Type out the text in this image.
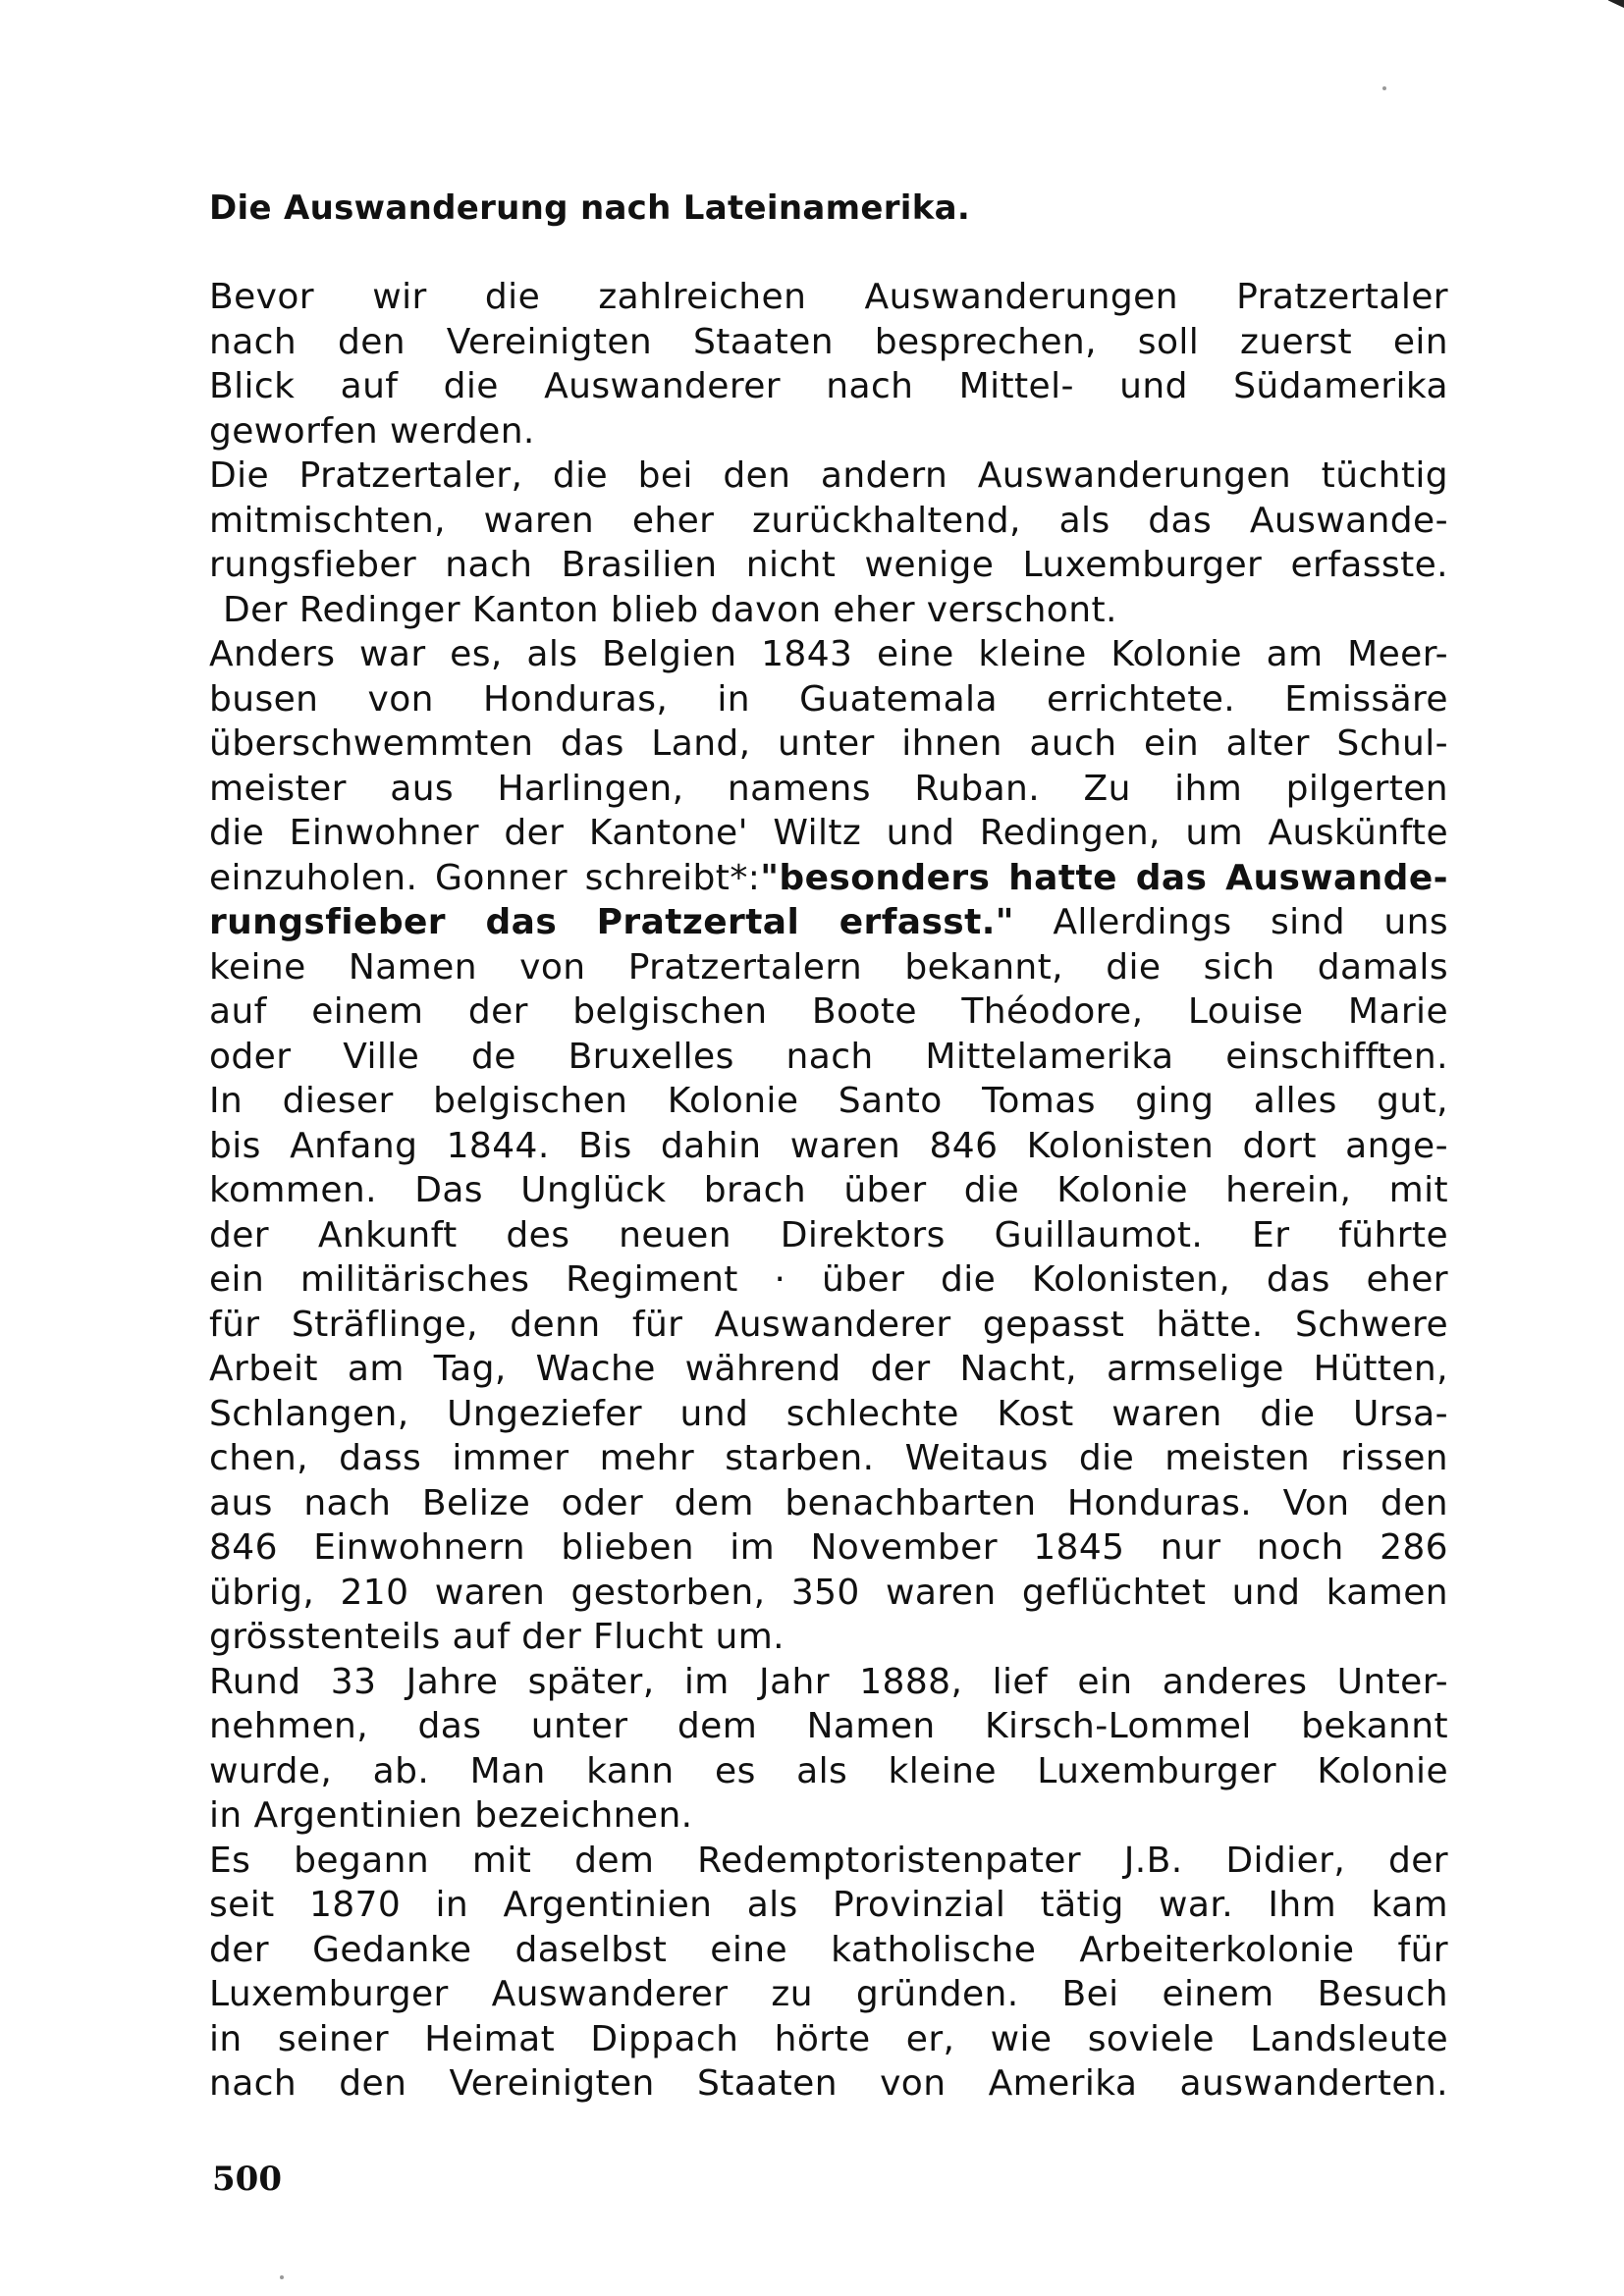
Die Auswanderung nach Lateinamerika.
Bevor wir die zahlreichen Auswanderungen Pratzertaler
nach den Vereinigten Staaten besprechen, soll zuerst ein
Blick auf die Auswanderer nach Mittel- und Südamerika
geworfen werden.
Die Pratzertaler, die bei den andern Auswanderungen tüchtig
mitmischten, waren eher zurückhaltend, als das Auswande-
rungsfieber nach Brasilien nicht wenige Luxemburger erfasste.
Der Redinger Kanton blieb davon eher verschont.
Anders war es, als Belgien 1843 eine kleine Kolonie am Meer-
busen von Honduras, in Guatemala errichtete. Emissäre
überschwemmten das Land, unter ihnen auch ein alter Schul-
meister aus Harlingen, namens Ruban. Zu ihm pilgerten
die Einwohner der Kantone' Wiltz und Redingen, um Auskünfte
einzuholen. Gonner schreibt*:"besonders hatte das Auswande-
rungsfieber das Pratzertal erfasst." Allerdings sind uns
keine Namen von Pratzertalern bekannt, die sich damals
auf einem der belgischen Boote Théodore, Louise Marie
oder Ville de Bruxelles nach Mittelamerika einschifften.
In dieser belgischen Kolonie Santo Tomas ging alles gut,
bis Anfang 1844. Bis dahin waren 846 Kolonisten dort ange-
kommen. Das Unglück brach über die Kolonie herein, mit
der Ankunft des neuen Direktors Guillaumot. Er führte
ein militärisches Regiment · über die Kolonisten, das eher
für Sträflinge, denn für Auswanderer gepasst hätte. Schwere
Arbeit am Tag, Wache während der Nacht, armselige Hütten,
Schlangen, Ungeziefer und schlechte Kost waren die Ursa-
chen, dass immer mehr starben. Weitaus die meisten rissen
aus nach Belize oder dem benachbarten Honduras. Von den
846 Einwohnern blieben im November 1845 nur noch 286
übrig, 210 waren gestorben, 350 waren geflüchtet und kamen
grösstenteils auf der Flucht um.
Rund 33 Jahre später, im Jahr 1888, lief ein anderes Unter-
nehmen, das unter dem Namen Kirsch-Lommel bekannt
wurde, ab. Man kann es als kleine Luxemburger Kolonie
in Argentinien bezeichnen.
Es begann mit dem Redemptoristenpater J.B. Didier, der
seit 1870 in Argentinien als Provinzial tätig war. Ihm kam
der Gedanke daselbst eine katholische Arbeiterkolonie für
Luxemburger Auswanderer zu gründen. Bei einem Besuch
in seiner Heimat Dippach hörte er, wie soviele Landsleute
nach den Vereinigten Staaten von Amerika auswanderten.
500
